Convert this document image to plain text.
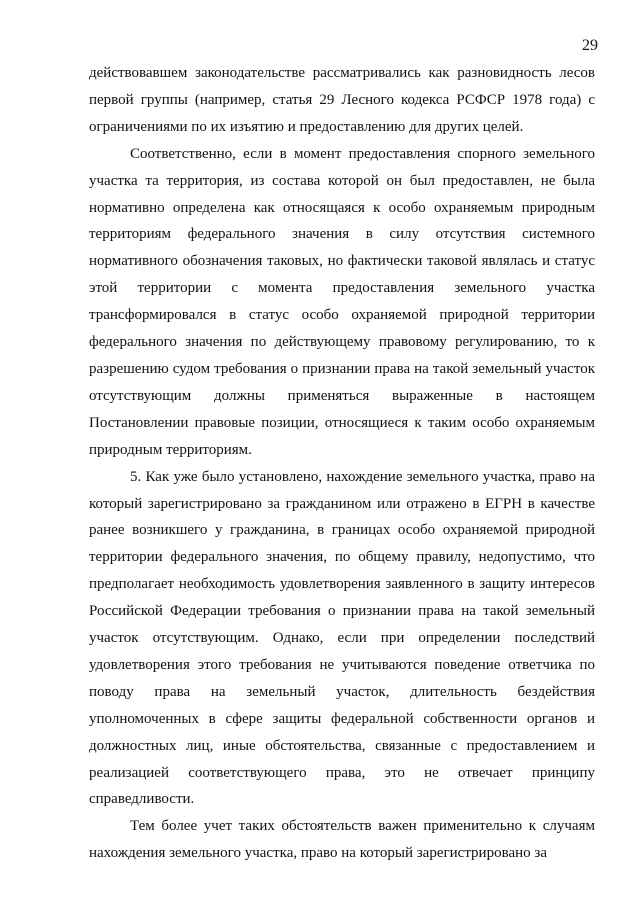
29

действовавшем законодательстве рассматривались как разновидность лесов первой группы (например, статья 29 Лесного кодекса РСФСР 1978 года) с ограничениями по их изъятию и предоставлению для других целей.

Соответственно, если в момент предоставления спорного земельного участка та территория, из состава которой он был предоставлен, не была нормативно определена как относящаяся к особо охраняемым природным территориям федерального значения в силу отсутствия системного нормативного обозначения таковых, но фактически таковой являлась и статус этой территории с момента предоставления земельного участка трансформировался в статус особо охраняемой природной территории федерального значения по действующему правовому регулированию, то к разрешению судом требования о признании права на такой земельный участок отсутствующим должны применяться выраженные в настоящем Постановлении правовые позиции, относящиеся к таким особо охраняемым природным территориям.

5. Как уже было установлено, нахождение земельного участка, право на который зарегистрировано за гражданином или отражено в ЕГРН в качестве ранее возникшего у гражданина, в границах особо охраняемой природной территории федерального значения, по общему правилу, недопустимо, что предполагает необходимость удовлетворения заявленного в защиту интересов Российской Федерации требования о признании права на такой земельный участок отсутствующим. Однако, если при определении последствий удовлетворения этого требования не учитываются поведение ответчика по поводу права на земельный участок, длительность бездействия уполномоченных в сфере защиты федеральной собственности органов и должностных лиц, иные обстоятельства, связанные с предоставлением и реализацией соответствующего права, это не отвечает принципу справедливости.

Тем более учет таких обстоятельств важен применительно к случаям нахождения земельного участка, право на который зарегистрировано за
